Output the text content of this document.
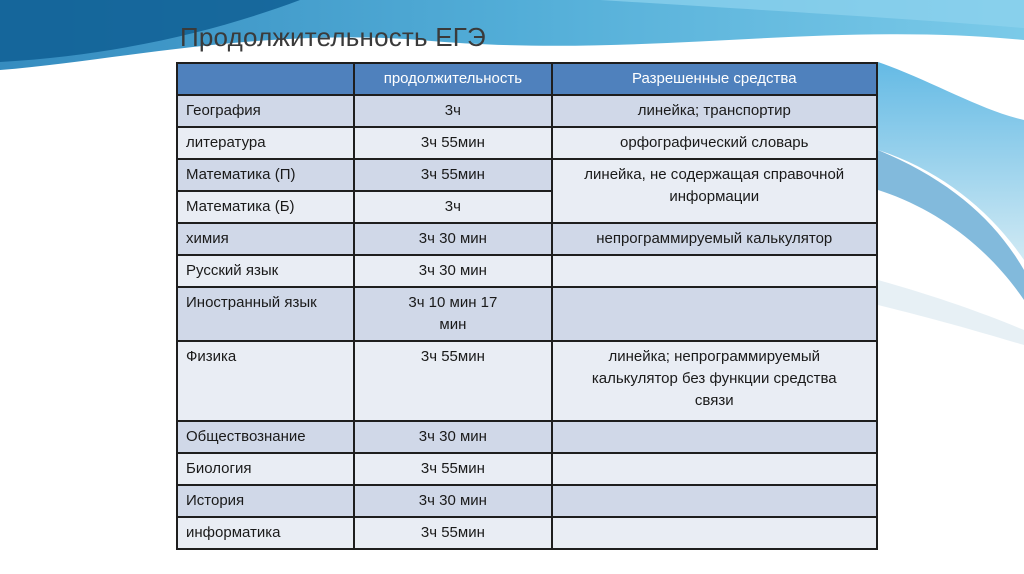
Продолжительность ЕГЭ
	продолжительность	Разрешенные средства
География	3ч	линейка; транспортир
литература	3ч 55мин	орфографический словарь
Математика (П)	3ч 55мин	линейка, не содержащая справочной информации
Математика (Б)	3ч	
химия	3ч 30 мин	непрограммируемый калькулятор
Русский язык	3ч 30 мин	
Иностранный язык	3ч 10 мин 17 мин	
Физика	3ч 55мин	линейка; непрограммируемый калькулятор без функции средства связи
Обществознание	3ч 30 мин	
Биология	3ч 55мин	
История	3ч 30 мин	
информатика	3ч 55мин	
